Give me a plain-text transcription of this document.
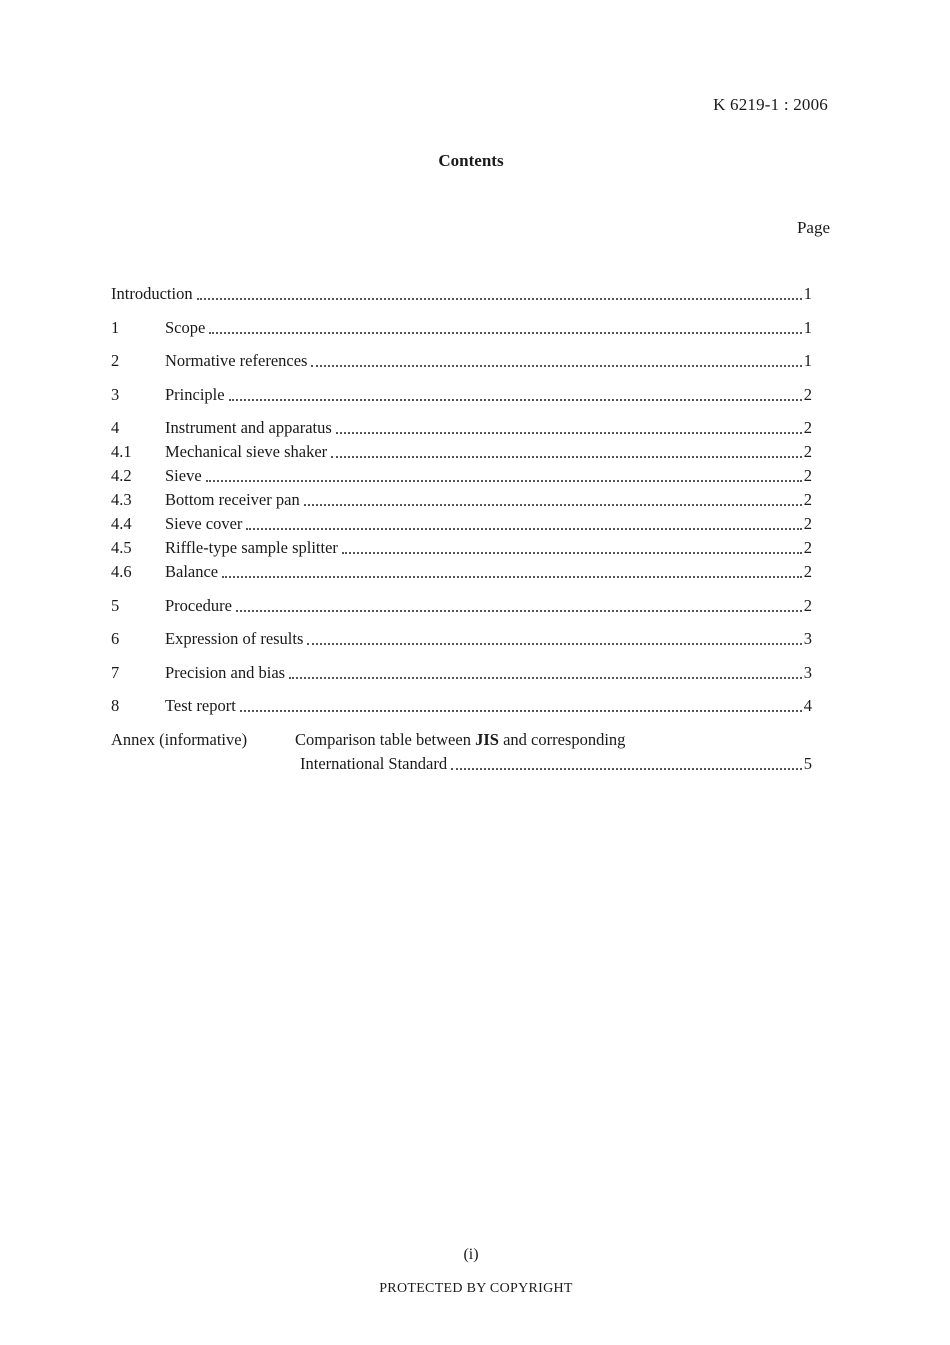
K 6219-1 : 2006
Contents
Page
Introduction	1
1	Scope	1
2	Normative references	1
3	Principle	2
4	Instrument and apparatus	2
4.1	Mechanical sieve shaker	2
4.2	Sieve	2
4.3	Bottom receiver pan	2
4.4	Sieve cover	2
4.5	Riffle-type sample splitter	2
4.6	Balance	2
5	Procedure	2
6	Expression of results	3
7	Precision and bias	3
8	Test report	4
Annex (informative)	Comparison table between JIS and corresponding
International Standard	5
(i)
PROTECTED BY COPYRIGHT
